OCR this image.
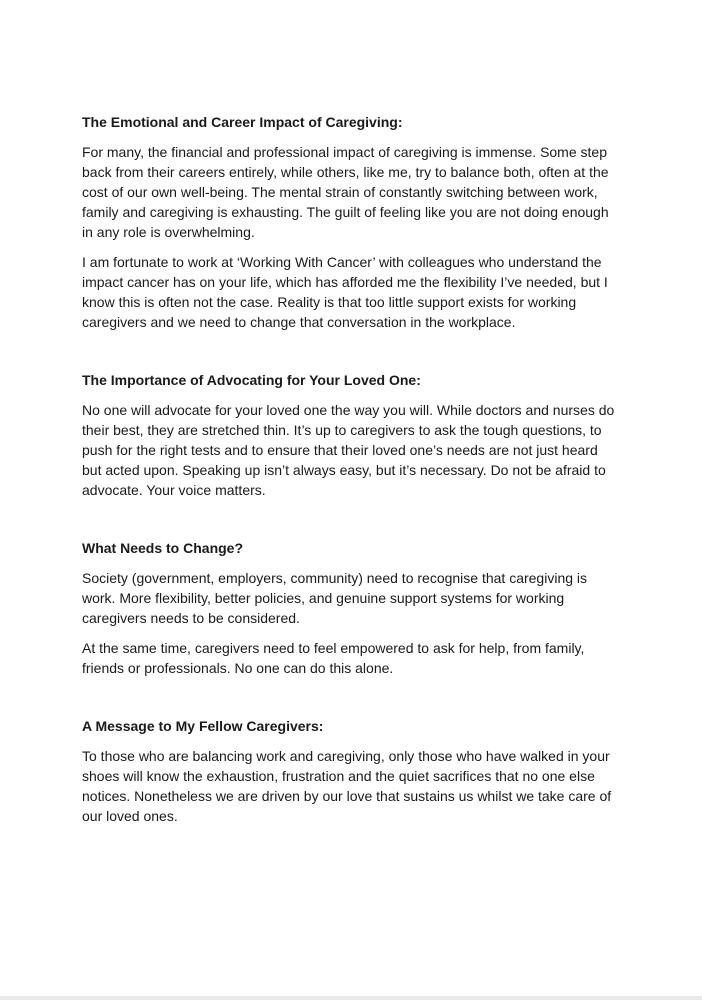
The Emotional and Career Impact of Caregiving:

For many, the financial and professional impact of caregiving is immense. Some step back from their careers entirely, while others, like me, try to balance both, often at the cost of our own well-being. The mental strain of constantly switching between work, family and caregiving is exhausting. The guilt of feeling like you are not doing enough in any role is overwhelming.

I am fortunate to work at ‘Working With Cancer’ with colleagues who understand the impact cancer has on your life, which has afforded me the flexibility I’ve needed, but I know this is often not the case. Reality is that too little support exists for working caregivers and we need to change that conversation in the workplace.

The Importance of Advocating for Your Loved One:

No one will advocate for your loved one the way you will. While doctors and nurses do their best, they are stretched thin. It’s up to caregivers to ask the tough questions, to push for the right tests and to ensure that their loved one’s needs are not just heard but acted upon. Speaking up isn’t always easy, but it’s necessary. Do not be afraid to advocate. Your voice matters.

What Needs to Change?

Society (government, employers, community) need to recognise that caregiving is work. More flexibility, better policies, and genuine support systems for working caregivers needs to be considered.

At the same time, caregivers need to feel empowered to ask for help, from family, friends or professionals. No one can do this alone.

A Message to My Fellow Caregivers:

To those who are balancing work and caregiving, only those who have walked in your shoes will know the exhaustion, frustration and the quiet sacrifices that no one else notices. Nonetheless we are driven by our love that sustains us whilst we take care of our loved ones.
